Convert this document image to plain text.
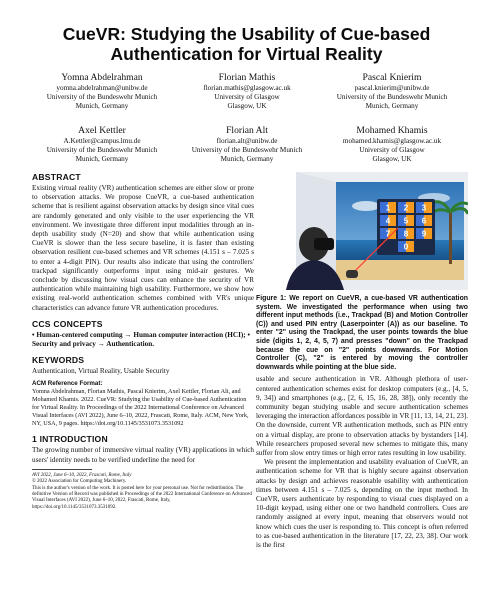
CueVR: Studying the Usability of Cue-based Authentication for Virtual Reality
Yomna Abdelrahman
yomna.abdelrahman@unibw.de
University of the Bundeswehr Munich
Munich, Germany
Florian Mathis
florian.mathis@glasgow.ac.uk
University of Glasgow
Glasgow, UK
Pascal Knierim
pascal.knierim@unibw.de
University of the Bundeswehr Munich
Munich, Germany
Axel Kettler
A.Kettler@campus.lmu.de
University of the Bundeswehr Munich
Munich, Germany
Florian Alt
florian.alt@unibw.de
University of the Bundeswehr Munich
Munich, Germany
Mohamed Khamis
mohamed.khamis@glasgow.ac.uk
University of Glasgow
Glasgow, UK
ABSTRACT

Existing virtual reality (VR) authentication schemes are either slow or prone to observation attacks. We propose CueVR, a cue-based authentication scheme that is resilient against observation attacks by design since vital cues are randomly generated and only visible to the user experiencing the VR environment. We investigate three different input modalities through an in-depth usability study (N=20) and show that while authentication using CueVR is slower than the less secure baseline, it is faster than existing observation resilient cue-based schemes and VR schemes (4.151 s – 7.025 s to enter a 4-digit PIN). Our results also indicate that using the controllers' trackpad significantly outperforms input using mid-air gestures. We conclude by discussing how visual cues can enhance the security of VR authentication while maintaining high usability. Furthermore, we show how existing real-world authentication schemes combined with VR's unique characteristics can advance future VR authentication procedures.

CCS CONCEPTS

• Human-centered computing → Human computer interaction (HCI); • Security and privacy → Authentication.

KEYWORDS

Authentication, Virtual Reality, Usable Security

ACM Reference Format:

Yomna Abdelrahman, Florian Mathis, Pascal Knierim, Axel Kettler, Florian Alt, and Mohamed Khamis. 2022. CueVR: Studying the Usability of Cue-based Authentication for Virtual Reality. In Proceedings of the 2022 International Conference on Advanced Visual Interfaces (AVI 2022), June 6–10, 2022, Frascati, Rome, Italy. ACM, New York, NY, USA, 9 pages. https://doi.org/10.1145/3531073.3531092

1 INTRODUCTION

The growing number of immersive virtual reality (VR) applications in which users' identity needs to be verified underline the need for

AVI 2022, June 6–10, 2022, Frascati, Rome, Italy

© 2022 Association for Computing Machinery.

This is the author's version of the work. It is posted here for your personal use. Not for redistribution. The definitive Version of Record was published in Proceedings of the 2022 International Conference on Advanced Visual Interfaces (AVI 2022), June 6–10, 2022, Frascati, Rome, Italy, https://doi.org/10.1145/3531073.3531092.

1 2 3
4 5 6
7 8 9
0

Figure 1: We report on CueVR, a cue-based VR authentication system. We investigated the performance when using two different input methods (i.e., Trackpad (B) and Motion Controller (C)) and used PIN entry (Laserpointer (A)) as our baseline. To enter "2" using the Trackpad, the user points towards the blue side (digits 1, 2, 4, 5, 7) and presses "down" on the Trackpad because the cue on "2" points downwards. For Motion Controller (C), "2" is entered by moving the controller downwards while pointing at the blue side.

usable and secure authentication in VR. Although plethora of user-centered authentication schemes exist for desktop computers (e.g., [4, 5, 9, 34]) and smartphones (e.g., [2, 6, 15, 16, 28, 38]), only recently the community began studying usable and secure authentication schemes leveraging the interaction affordances possible in VR [11, 13, 14, 21, 23]. On the downside, current VR authentication methods, such as PIN entry on a virtual display, are prone to observation attacks by bystanders [14]. While researchers proposed several new schemes to mitigate this, many suffer from slow entry times or high error rates resulting in low usability.

We present the implementation and usability evaluation of CueVR, an authentication scheme for VR that is highly secure against observation attacks by design and achieves reasonable usability with authentication times between 4.151 s – 7.025 s, depending on the input method. In CueVR, users authenticate by responding to visual cues displayed on a 10-digit keypad, using either one or two handheld controllers. Cues are randomly assigned at every input, meaning that observers would not know which cues the user is responding to. This concept is often referred to as cue-based authentication in the literature [17, 22, 23, 38]. Our work is the first
